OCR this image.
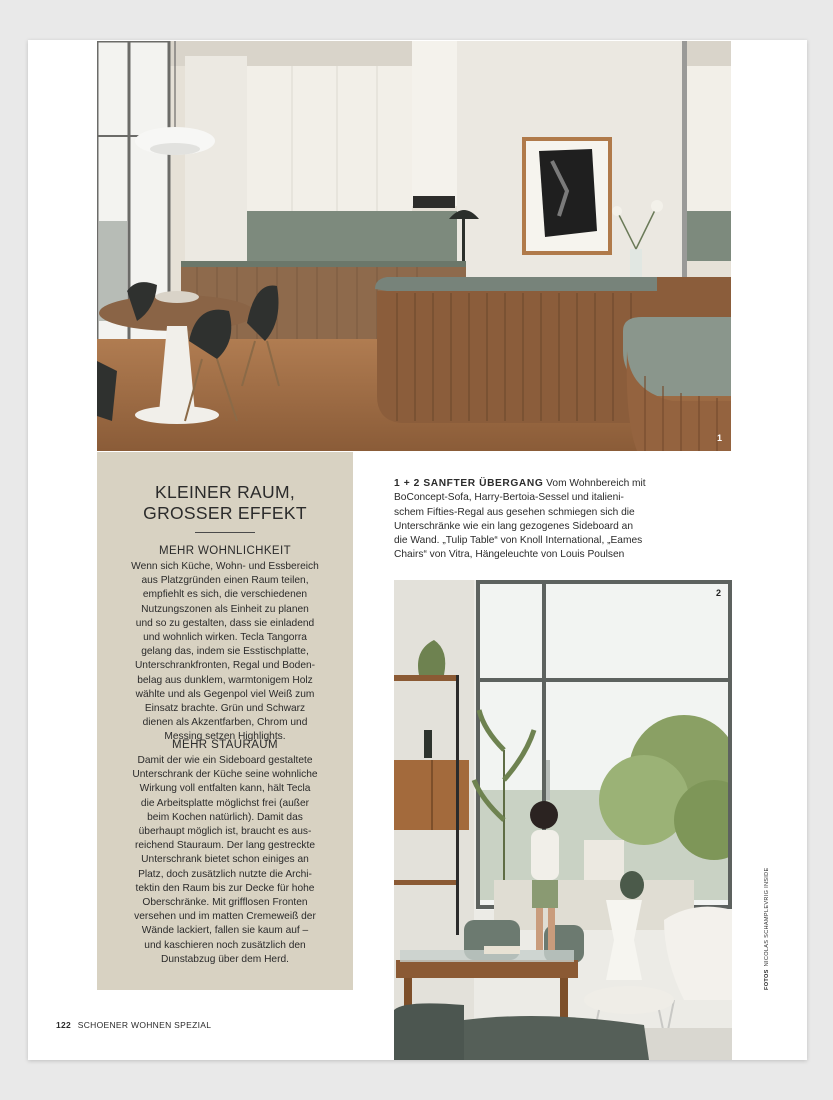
1
KLEINER RAUM,
GROSSER EFFEKT
MEHR WOHNLICHKEIT
Wenn sich Küche, Wohn- und Essbereich
aus Platzgründen einen Raum teilen,
empfiehlt es sich, die verschiedenen
Nutzungszonen als Einheit zu planen
und so zu gestalten, dass sie einladend
und wohnlich wirken. Tecla Tangorra
gelang das, indem sie Esstischplatte,
Unterschrankfronten, Regal und Boden-
belag aus dunklem, warmtonigem Holz
wählte und als Gegenpol viel Weiß zum
Einsatz brachte. Grün und Schwarz
dienen als Akzentfarben, Chrom und
Messing setzen Highlights.
MEHR STAURAUM
Damit der wie ein Sideboard gestaltete
Unterschrank der Küche seine wohnliche
Wirkung voll entfalten kann, hält Tecla
die Arbeitsplatte möglichst frei (außer
beim Kochen natürlich). Damit das
überhaupt möglich ist, braucht es aus-
reichend Stauraum. Der lang gestreckte
Unterschrank bietet schon einiges an
Platz, doch zusätzlich nutzte die Archi-
tektin den Raum bis zur Decke für hohe
Oberschränke. Mit grifflosen Fronten
versehen und im matten Cremeweiß der
Wände lackiert, fallen sie kaum auf –
und kaschieren noch zusätzlich den
Dunstabzug über dem Herd.
1 + 2 SANFTER ÜBERGANG Vom Wohnbereich mit
BoConcept-Sofa, Harry-Bertoia-Sessel und italieni-
schem Fifties-Regal aus gesehen schmiegen sich die
Unterschränke wie ein lang gezogenes Sideboard an
die Wand. „Tulip Table“ von Knoll International, „Eames
Chairs“ von Vitra, Hängeleuchte von Louis Poulsen
2
122 SCHOENER WOHNEN SPEZIAL
FOTOSNICOLAS SCHAMPLEVRIG INSIDE
